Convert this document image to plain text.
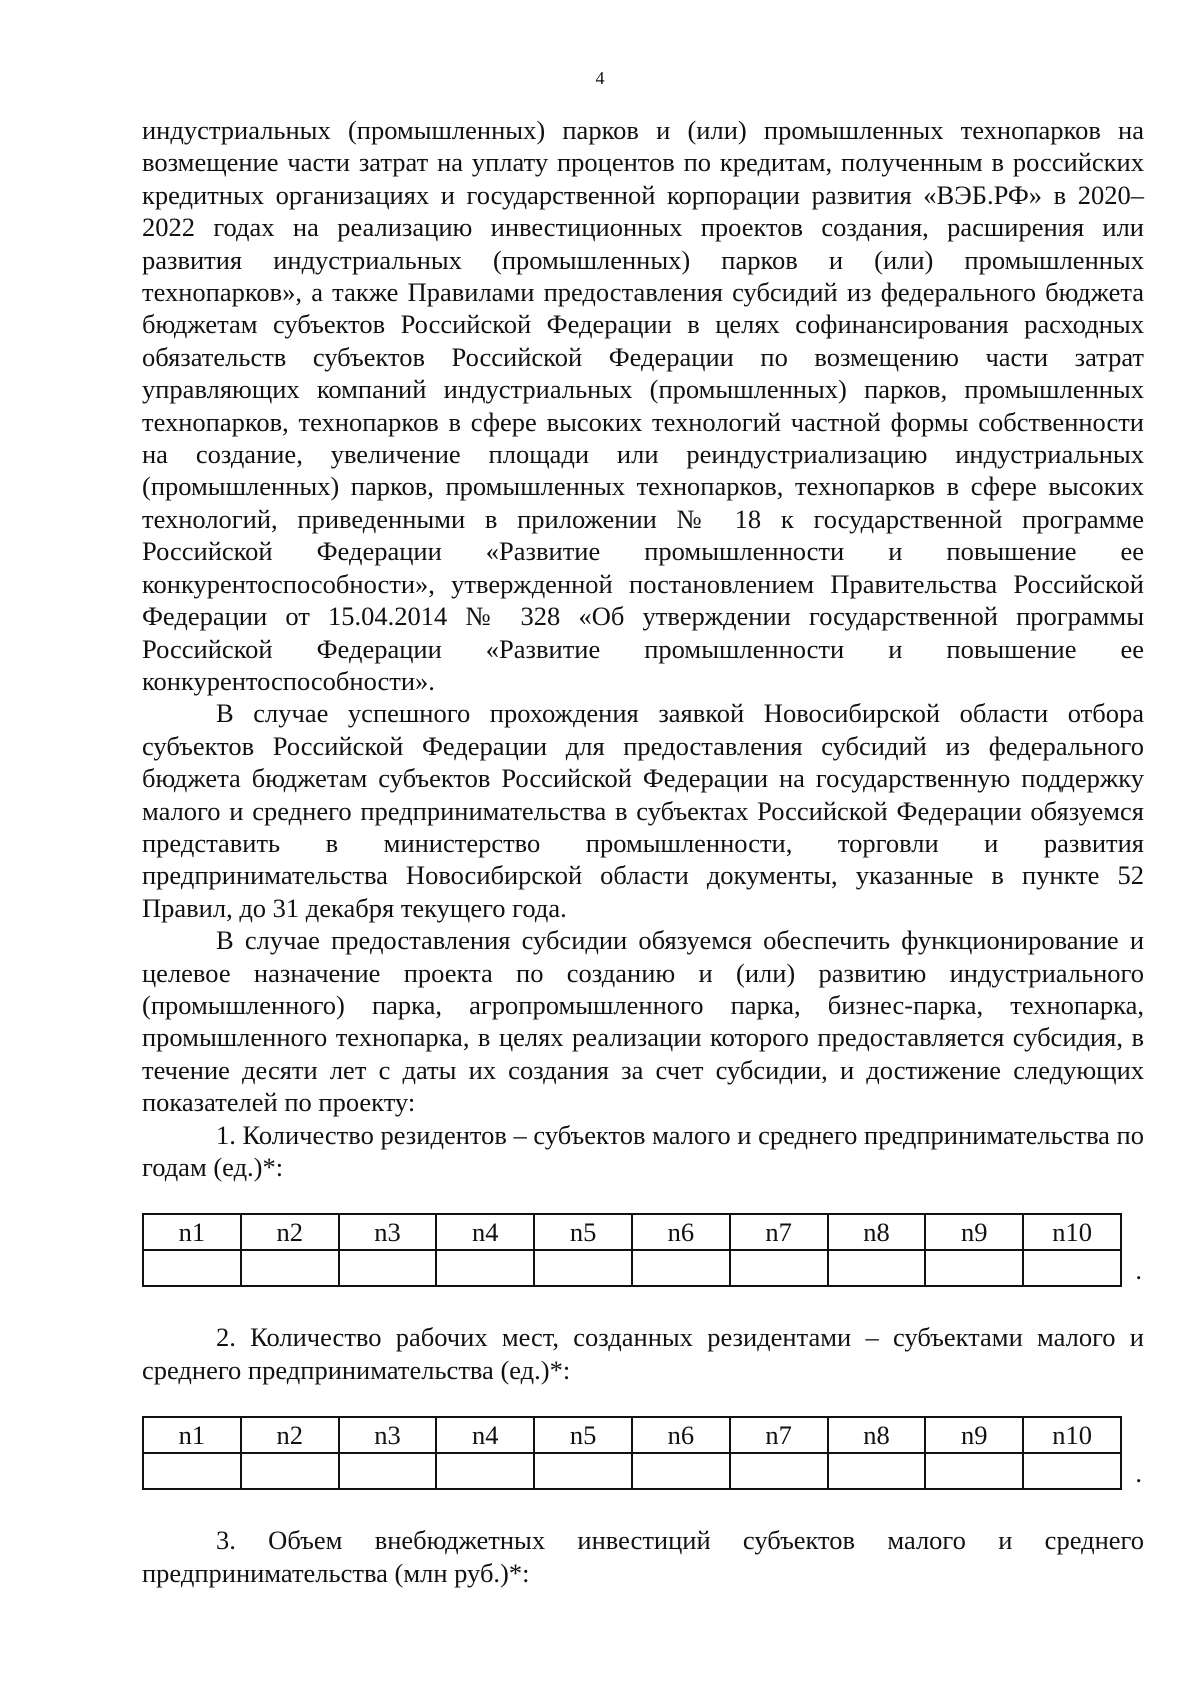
4

индустриальных (промышленных) парков и (или) промышленных технопарков на возмещение части затрат на уплату процентов по кредитам, полученным в российских кредитных организациях и государственной корпорации развития «ВЭБ.РФ» в 2020–2022 годах на реализацию инвестиционных проектов создания, расширения или развития индустриальных (промышленных) парков и (или) промышленных технопарков», а также Правилами предоставления субсидий из федерального бюджета бюджетам субъектов Российской Федерации в целях софинансирования расходных обязательств субъектов Российской Федерации по возмещению части затрат управляющих компаний индустриальных (промышленных) парков, промышленных технопарков, технопарков в сфере высоких технологий частной формы собственности на создание, увеличение площади или реиндустриализацию индустриальных (промышленных) парков, промышленных технопарков, технопарков в сфере высоких технологий, приведенными в приложении № 18 к государственной программе Российской Федерации «Развитие промышленности и повышение ее конкурентоспособности», утвержденной постановлением Правительства Российской Федерации от 15.04.2014 № 328 «Об утверждении государственной программы Российской Федерации «Развитие промышленности и повышение ее конкурентоспособности».

В случае успешного прохождения заявкой Новосибирской области отбора субъектов Российской Федерации для предоставления субсидий из федерального бюджета бюджетам субъектов Российской Федерации на государственную поддержку малого и среднего предпринимательства в субъектах Российской Федерации обязуемся представить в министерство промышленности, торговли и развития предпринимательства Новосибирской области документы, указанные в пункте 52 Правил, до 31 декабря текущего года.

В случае предоставления субсидии обязуемся обеспечить функционирование и целевое назначение проекта по созданию и (или) развитию индустриального (промышленного) парка, агропромышленного парка, бизнес-парка, технопарка, промышленного технопарка, в целях реализации которого предоставляется субсидия, в течение десяти лет с даты их создания за счет субсидии, и достижение следующих показателей по проекту:

1. Количество резидентов – субъектов малого и среднего предпринимательства по годам (ед.)*:

n1	n2	n3	n4	n5	n6	n7	n8	n9	n10

.

2. Количество рабочих мест, созданных резидентами – субъектами малого и среднего предпринимательства (ед.)*:

n1	n2	n3	n4	n5	n6	n7	n8	n9	n10

.

3. Объем внебюджетных инвестиций субъектов малого и среднего предпринимательства (млн руб.)*:
